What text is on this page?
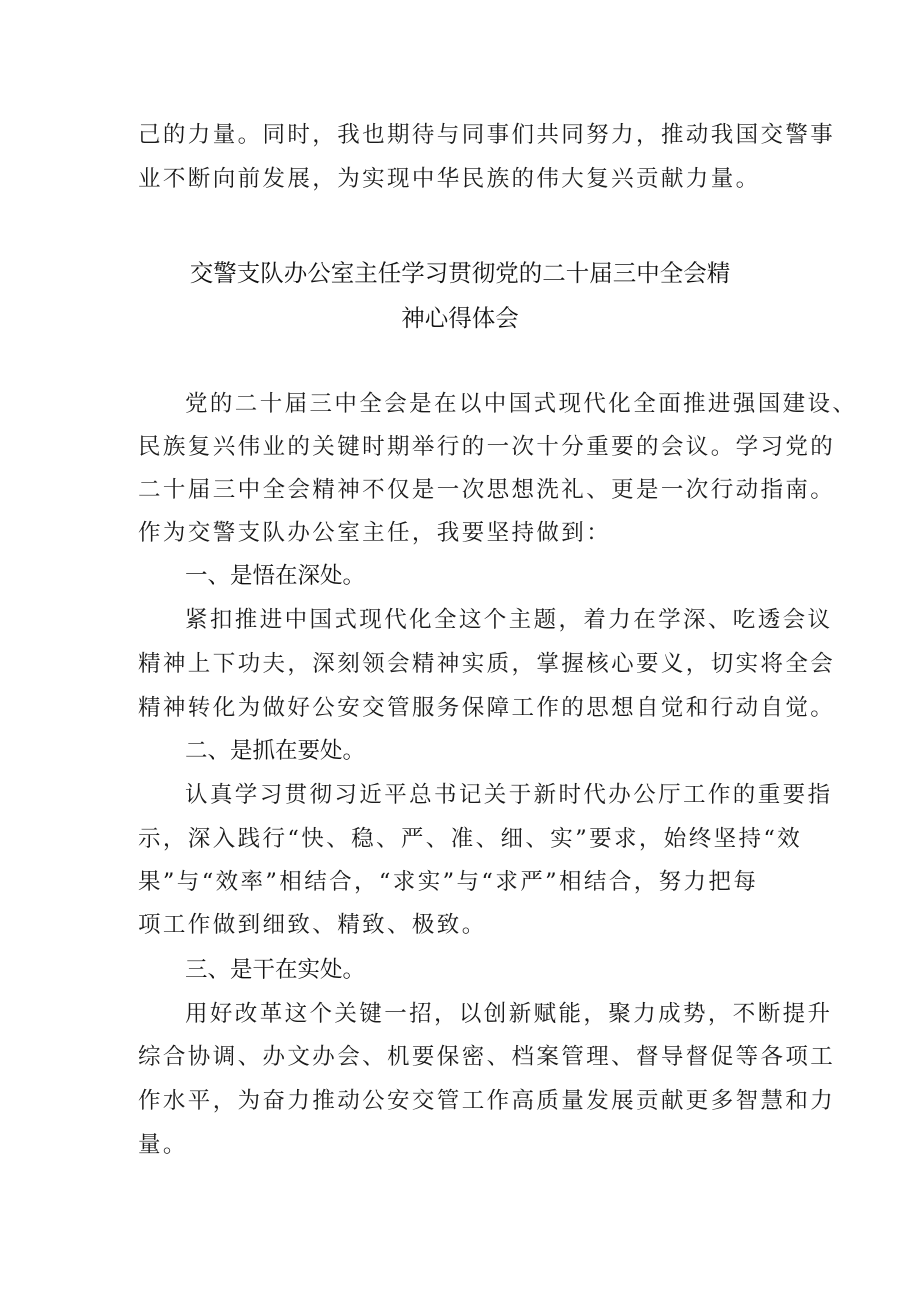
己的力量。同时，我也期待与同事们共同努力，推动我国交警事
业不断向前发展，为实现中华民族的伟大复兴贡献力量。
交警支队办公室主任学习贯彻党的二十届三中全会精
神心得体会
党的二十届三中全会是在以中国式现代化全面推进强国建设、
民族复兴伟业的关键时期举行的一次十分重要的会议。学习党的
二十届三中全会精神不仅是一次思想洗礼、更是一次行动指南。
作为交警支队办公室主任，我要坚持做到：
一、是悟在深处。
紧扣推进中国式现代化全这个主题，着力在学深、吃透会议
精神上下功夫，深刻领会精神实质，掌握核心要义，切实将全会
精神转化为做好公安交管服务保障工作的思想自觉和行动自觉。
二、是抓在要处。
认真学习贯彻习近平总书记关于新时代办公厅工作的重要指
示，深入践行“快、稳、严、准、细、实”要求，始终坚持“效
果”与“效率”相结合，“求实”与“求严”相结合，努力把每
项工作做到细致、精致、极致。
三、是干在实处。
用好改革这个关键一招，以创新赋能，聚力成势，不断提升
综合协调、办文办会、机要保密、档案管理、督导督促等各项工
作水平，为奋力推动公安交管工作高质量发展贡献更多智慧和力
量。
